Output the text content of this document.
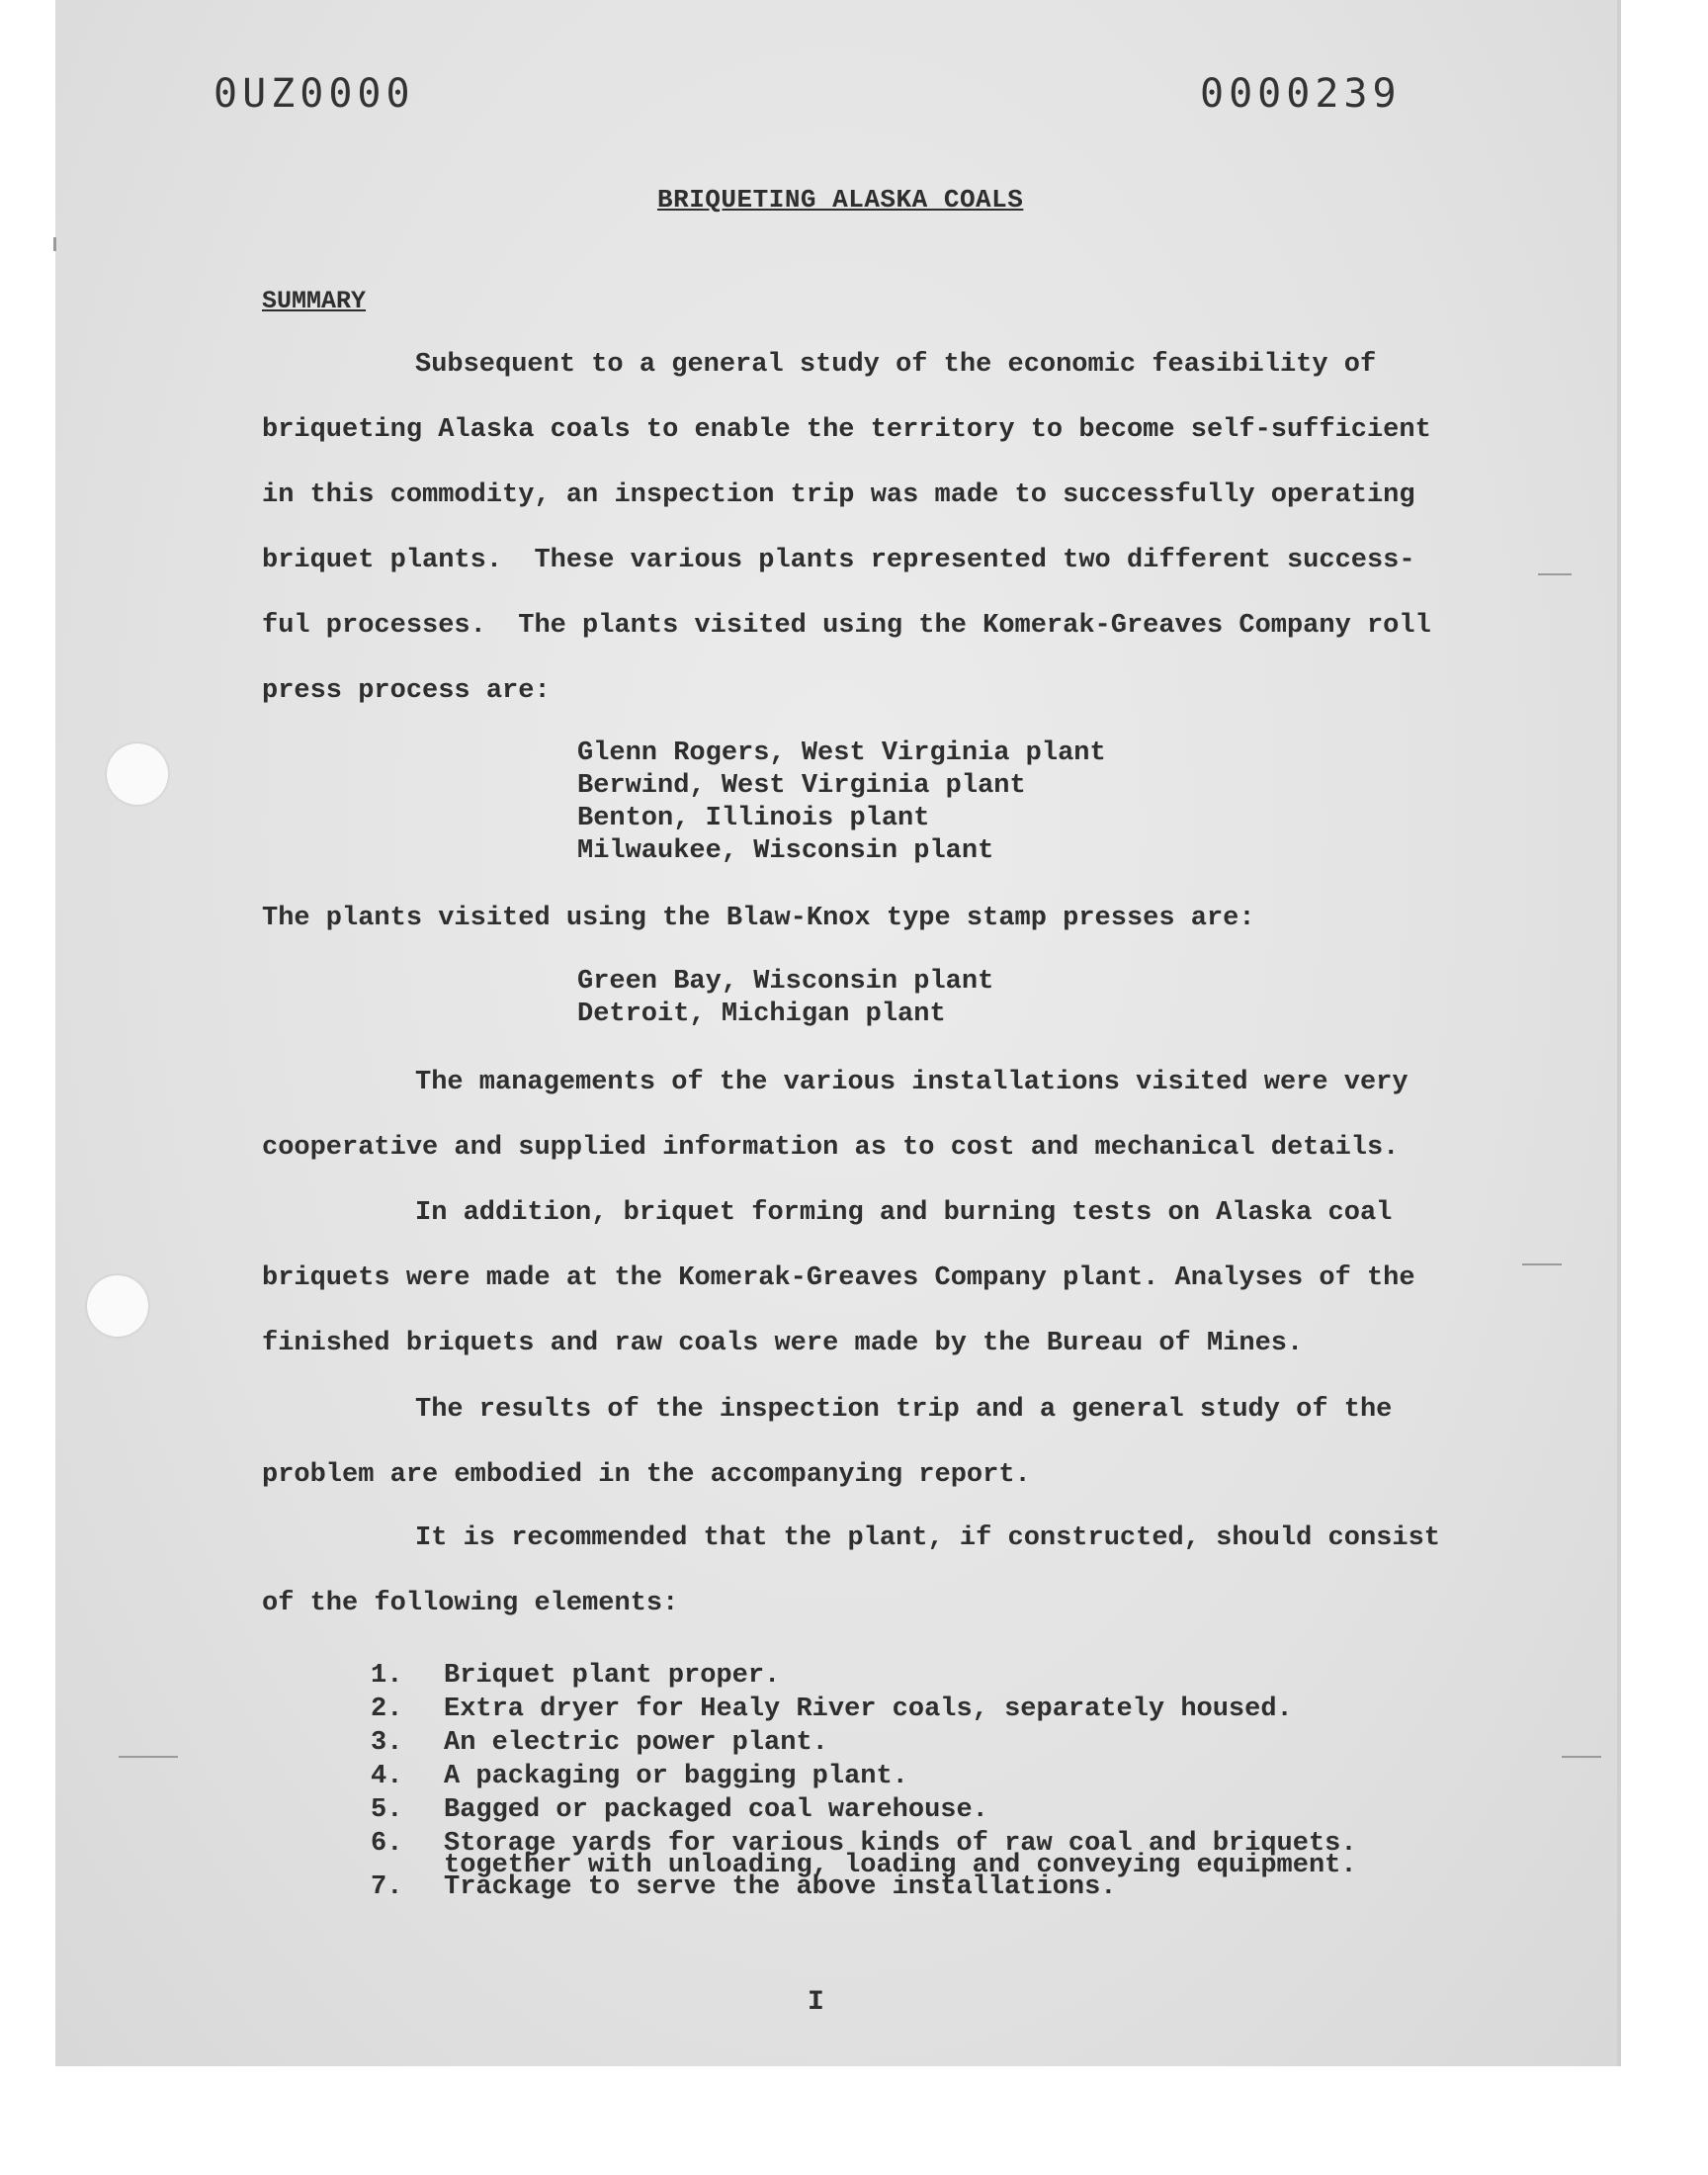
0UZ0000	0000239
BRIQUETING ALASKA COALS
SUMMARY

Subsequent to a general study of the economic feasibility of
briqueting Alaska coals to enable the territory to become self-sufficient
in this commodity, an inspection trip was made to successfully operating
briquet plants.  These various plants represented two different success-
ful processes.  The plants visited using the Komerak-Greaves Company roll
press process are:

Glenn Rogers, West Virginia plant
Berwind, West Virginia plant
Benton, Illinois plant
Milwaukee, Wisconsin plant

The plants visited using the Blaw-Knox type stamp presses are:

Green Bay, Wisconsin plant
Detroit, Michigan plant

The managements of the various installations visited were very
cooperative and supplied information as to cost and mechanical details.

In addition, briquet forming and burning tests on Alaska coal
briquets were made at the Komerak-Greaves Company plant. Analyses of the
finished briquets and raw coals were made by the Bureau of Mines.

The results of the inspection trip and a general study of the
problem are embodied in the accompanying report.

It is recommended that the plant, if constructed, should consist
of the following elements:

1.	Briquet plant proper.
2.	Extra dryer for Healy River coals, separately housed.
3.	An electric power plant.
4.	A packaging or bagging plant.
5.	Bagged or packaged coal warehouse.
6.	Storage yards for various kinds of raw coal and briquets.
together with unloading, loading and conveying equipment.
7.	Trackage to serve the above installations.
I
